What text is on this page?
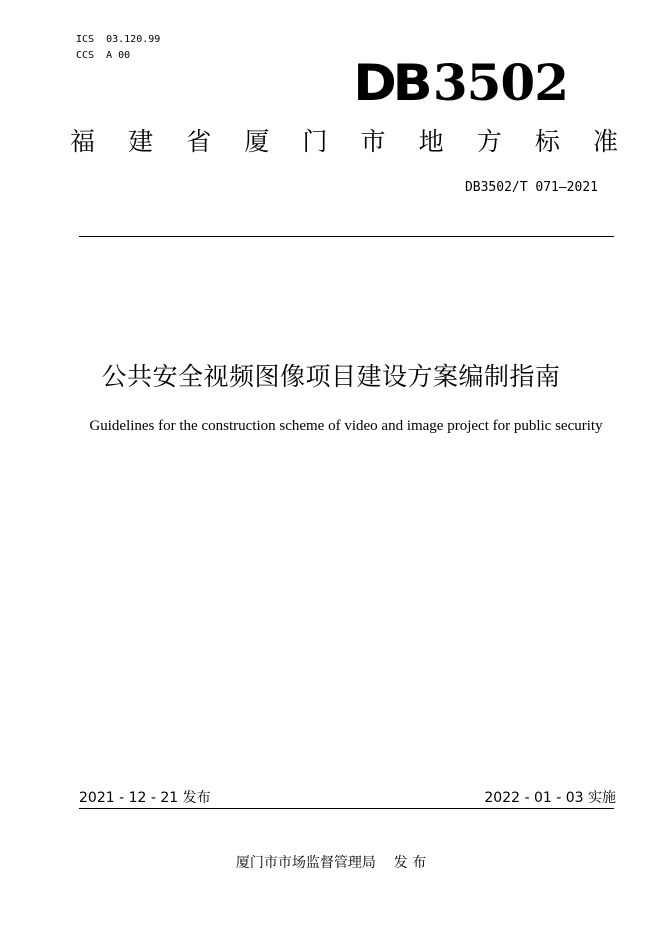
ICS  03.120.99
CCS  A 00	DB3502
福 建 省 厦 门 市 地 方 标 准
DB3502/T 071—2021
公共安全视频图像项目建设方案编制指南
Guidelines for the construction scheme of video and image project for public security
2021 - 12 - 21 发布	2022 - 01 - 03 实施
厦门市市场监督管理局    发 布
